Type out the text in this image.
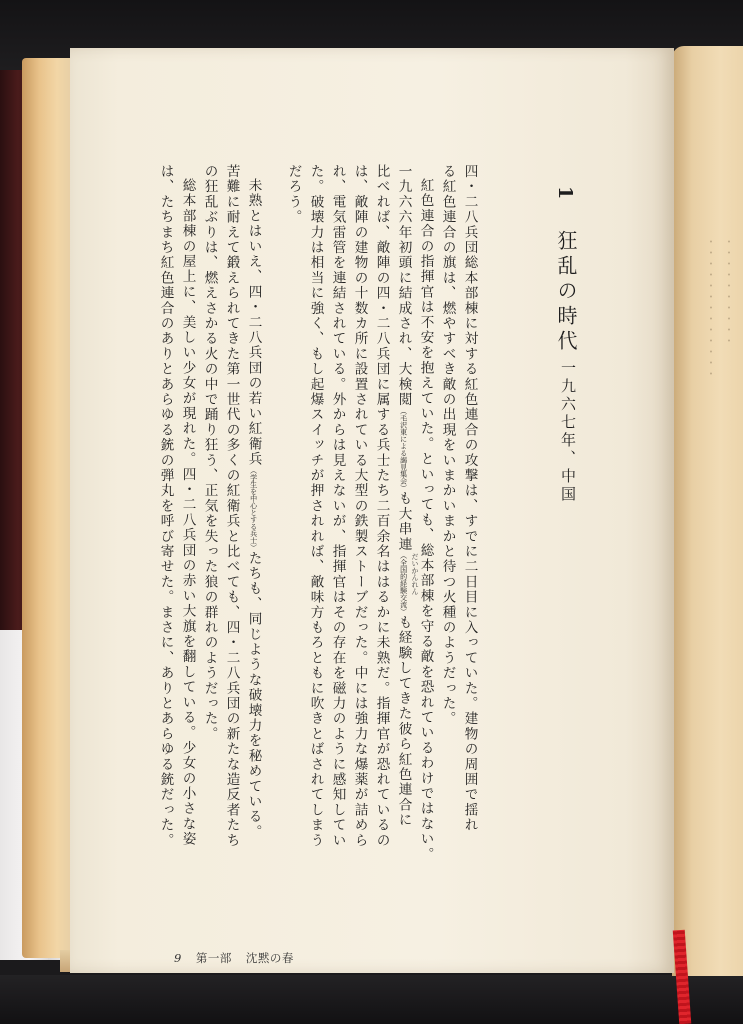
・・・・・・・・・・・・・ ・・・・・・・・・・
1
狂乱の時代
一九六七年、中国
四・二八兵団総本部棟に対する紅色連合の攻撃は、すでに二日目に入っていた。建物の周囲で揺れ
る紅色連合の旗は、燃やすべき敵の出現をいまかいまかと待つ火種のようだった。
紅色連合の指揮官は不安を抱えていた。といっても、総本部棟を守る敵を恐れているわけではない。
一九六六年初頭に結成され、大検閲（毛沢東による謁見集会）も大串連（全国的経験交流）も経験してきた彼ら紅色連合に
だいかんれん
比べれば、敵陣の四・二八兵団に属する兵士たち二百余名ははるかに未熟だ。指揮官が恐れているの
は、敵陣の建物の十数カ所に設置されている大型の鉄製ストーブだった。中には強力な爆薬が詰めら
れ、電気雷管を連結されている。外からは見えないが、指揮官はその存在を磁力のように感知してい
た。破壊力は相当に強く、もし起爆スイッチが押されれば、敵味方もろともに吹きとばされてしまう
だろう。
未熟とはいえ、四・二八兵団の若い紅衛兵（学生を中心とする兵士）たちも、同じような破壊力を秘めている。
苦難に耐えて鍛えられてきた第一世代の多くの紅衛兵と比べても、四・二八兵団の新たな造反者たち
の狂乱ぶりは、燃えさかる火の中で踊り狂う、正気を失った狼の群れのようだった。
総本部棟の屋上に、美しい少女が現れた。四・二八兵団の赤い大旗を翻している。少女の小さな姿
は、たちまち紅色連合のありとあらゆる銃の弾丸を呼び寄せた。まさに、ありとあらゆる銃だった。
9 第一部 沈黙の春
